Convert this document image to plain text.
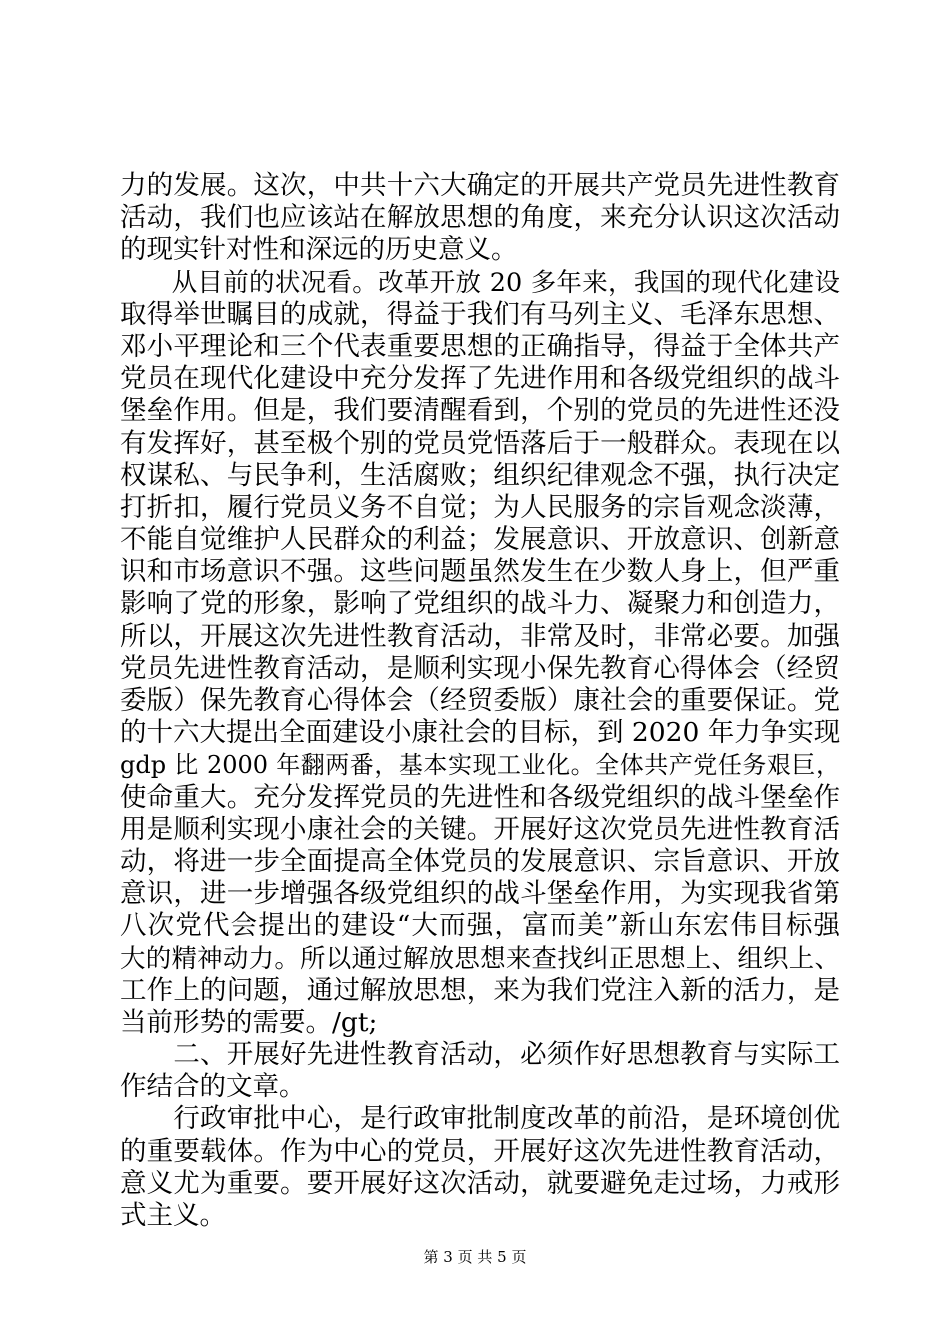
力的发展。这次，中共十六大确定的开展共产党员先进性教育
活动，我们也应该站在解放思想的角度，来充分认识这次活动
的现实针对性和深远的历史意义。
　　从目前的状况看。改革开放 20 多年来，我国的现代化建设
取得举世瞩目的成就，得益于我们有马列主义、毛泽东思想、
邓小平理论和三个代表重要思想的正确指导，得益于全体共产
党员在现代化建设中充分发挥了先进作用和各级党组织的战斗
堡垒作用。但是，我们要清醒看到，个别的党员的先进性还没
有发挥好，甚至极个别的党员党悟落后于一般群众。表现在以
权谋私、与民争利，生活腐败；组织纪律观念不强，执行决定
打折扣，履行党员义务不自觉；为人民服务的宗旨观念淡薄，
不能自觉维护人民群众的利益；发展意识、开放意识、创新意
识和市场意识不强。这些问题虽然发生在少数人身上，但严重
影响了党的形象，影响了党组织的战斗力、凝聚力和创造力，
所以，开展这次先进性教育活动，非常及时，非常必要。加强
党员先进性教育活动，是顺利实现小保先教育心得体会（经贸
委版）保先教育心得体会（经贸委版）康社会的重要保证。党
的十六大提出全面建设小康社会的目标，到 2020 年力争实现
gdp 比 2000 年翻两番，基本实现工业化。全体共产党任务艰巨，
使命重大。充分发挥党员的先进性和各级党组织的战斗堡垒作
用是顺利实现小康社会的关键。开展好这次党员先进性教育活
动，将进一步全面提高全体党员的发展意识、宗旨意识、开放
意识，进一步增强各级党组织的战斗堡垒作用，为实现我省第
八次党代会提出的建设“大而强，富而美”新山东宏伟目标强
大的精神动力。所以通过解放思想来查找纠正思想上、组织上、
工作上的问题，通过解放思想，来为我们党注入新的活力，是
当前形势的需要。/gt;
　　二、开展好先进性教育活动，必须作好思想教育与实际工
作结合的文章。
　　行政审批中心，是行政审批制度改革的前沿，是环境创优
的重要载体。作为中心的党员，开展好这次先进性教育活动，
意义尤为重要。要开展好这次活动，就要避免走过场，力戒形
式主义。
第 3 页 共 5 页
